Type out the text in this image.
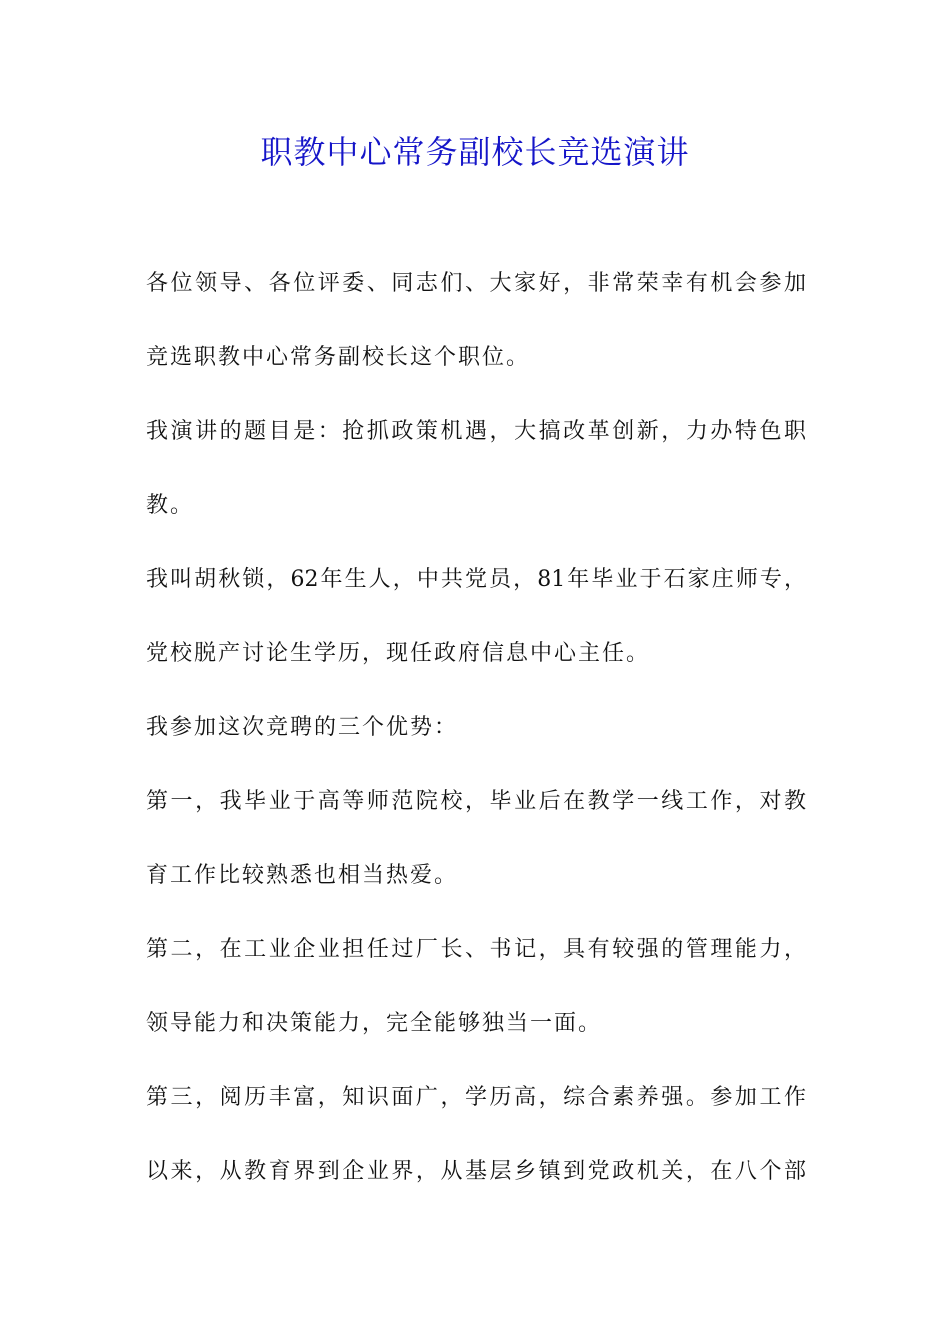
职教中心常务副校长竞选演讲
各位领导、各位评委、同志们、大家好，非常荣幸有机会参加
竞选职教中心常务副校长这个职位。
我演讲的题目是：抢抓政策机遇，大搞改革创新，力办特色职
教。
我叫胡秋锁，62年生人，中共党员，81年毕业于石家庄师专，
党校脱产讨论生学历，现任政府信息中心主任。
我参加这次竞聘的三个优势：
第一，我毕业于高等师范院校，毕业后在教学一线工作，对教
育工作比较熟悉也相当热爱。
第二，在工业企业担任过厂长、书记，具有较强的管理能力，
领导能力和决策能力，完全能够独当一面。
第三，阅历丰富，知识面广，学历高，综合素养强。参加工作
以来，从教育界到企业界，从基层乡镇到党政机关，在八个部
